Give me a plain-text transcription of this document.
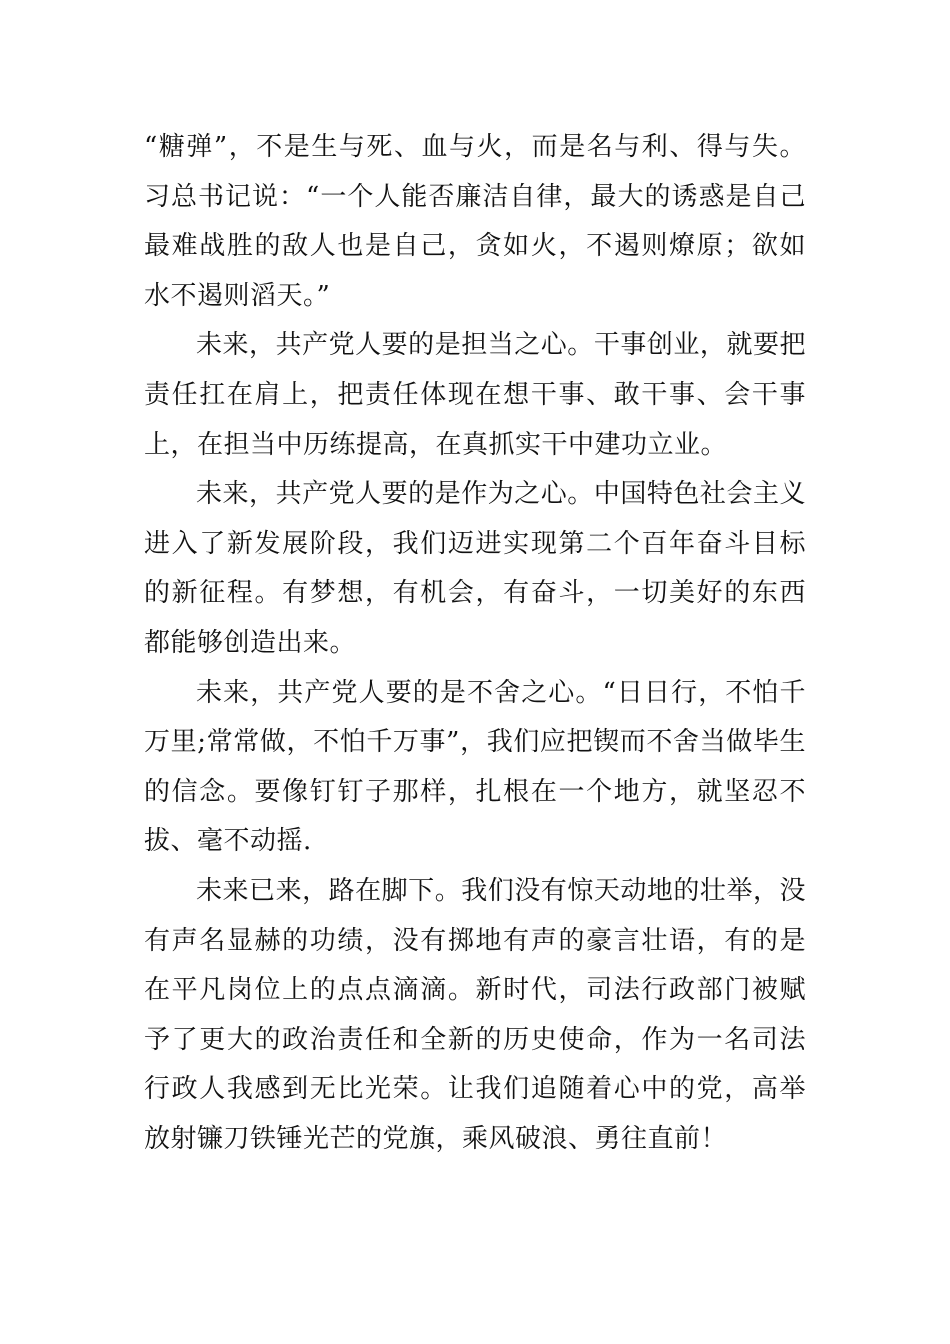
“糖弹”，不是生与死、血与火，而是名与利、得与失。习总书记说：“一个人能否廉洁自律，最大的诱惑是自己最难战胜的敌人也是自己，贪如火，不遏则燎原；欲如水不遏则滔天。”

未来，共产党人要的是担当之心。干事创业，就要把责任扛在肩上，把责任体现在想干事、敢干事、会干事上，在担当中历练提高，在真抓实干中建功立业。

未来，共产党人要的是作为之心。中国特色社会主义进入了新发展阶段，我们迈进实现第二个百年奋斗目标的新征程。有梦想，有机会，有奋斗，一切美好的东西都能够创造出来。

未来，共产党人要的是不舍之心。“日日行，不怕千万里;常常做，不怕千万事”，我们应把锲而不舍当做毕生的信念。要像钉钉子那样，扎根在一个地方，就坚忍不拔、毫不动摇.

未来已来，路在脚下。我们没有惊天动地的壮举，没有声名显赫的功绩，没有掷地有声的豪言壮语，有的是在平凡岗位上的点点滴滴。新时代，司法行政部门被赋予了更大的政治责任和全新的历史使命，作为一名司法行政人我感到无比光荣。让我们追随着心中的党，高举放射镰刀铁锤光芒的党旗，乘风破浪、勇往直前！
